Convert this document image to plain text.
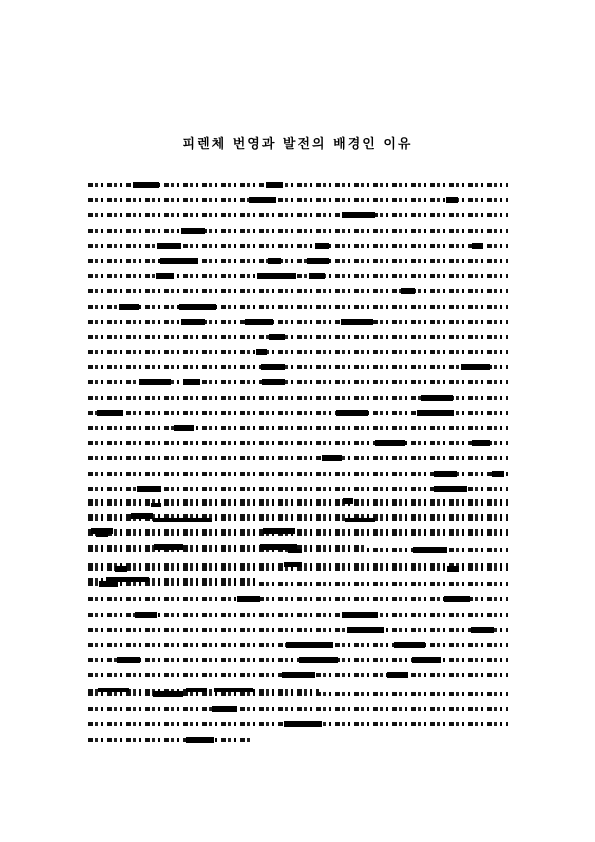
피렌체 번영과 발전의 배경인 이유
